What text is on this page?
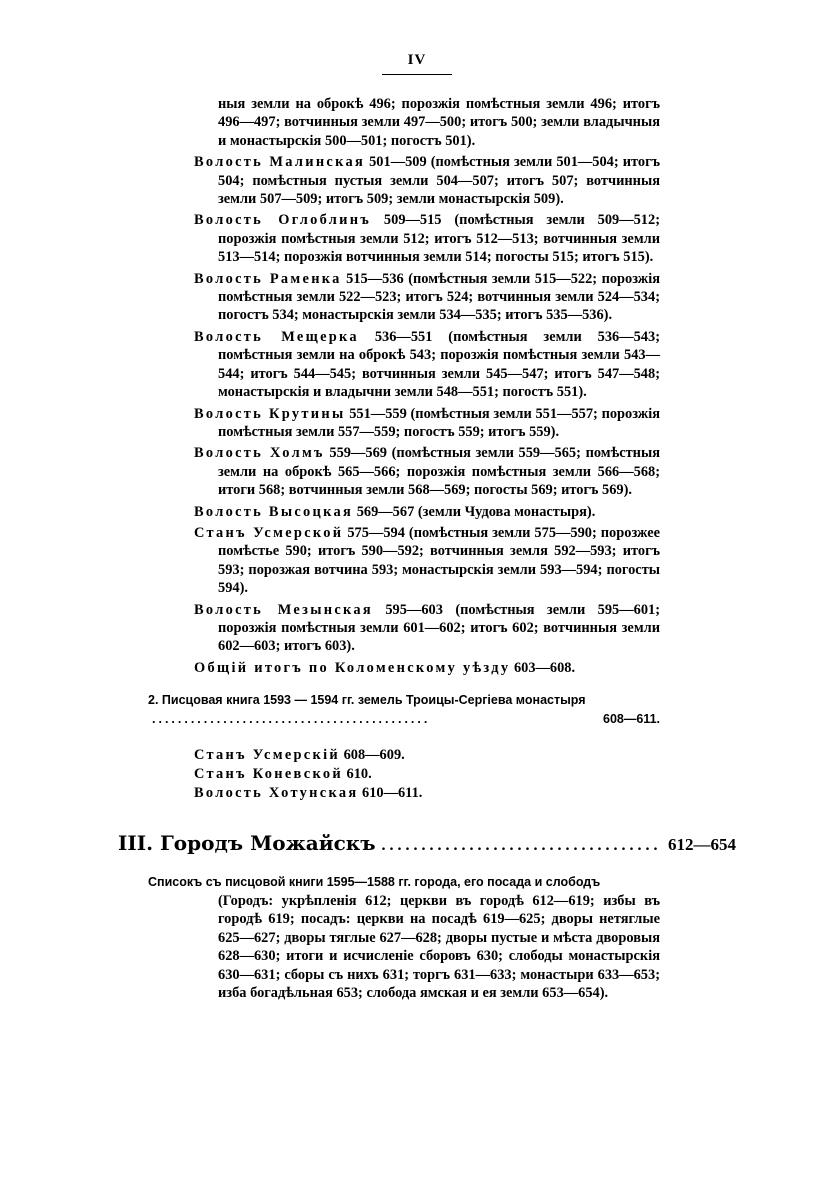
IV
ныя земли на оброкѣ 496; порозжія помѣстныя земли 496; итогъ 496—497; вотчинныя земли 497—500; итогъ 500; земли владычныя и монастырскія 500—501; погостъ 501).
Волость Малинская 501—509 (помѣстныя земли 501—504; итогъ 504; помѣстныя пустыя земли 504—507; итогъ 507; вотчинныя земли 507—509; итогъ 509; земли монастырскія 509).
Волость Оглоблинъ 509—515 (помѣстныя земли 509—512; порозжія помѣстныя земли 512; итогъ 512—513; вотчинныя земли 513—514; порозжія вотчинныя земли 514; погосты 515; итогъ 515).
Волость Раменка 515—536 (помѣстныя земли 515—522; порозжія помѣстныя земли 522—523; итогъ 524; вотчинныя земли 524—534; погостъ 534; монастырскія земли 534—535; итогъ 535—536).
Волость Мещерка 536—551 (помѣстныя земли 536—543; помѣстныя земли на оброкѣ 543; порозжія помѣстныя земли 543—544; итогъ 544—545; вотчинныя земли 545—547; итогъ 547—548; монастырскія и владычни земли 548—551; погостъ 551).
Волость Крутины 551—559 (помѣстныя земли 551—557; порозжія помѣстныя земли 557—559; погостъ 559; итогъ 559).
Волость Холмъ 559—569 (помѣстныя земли 559—565; помѣстныя земли на оброкѣ 565—566; порозжія помѣстныя земли 566—568; итоги 568; вотчинныя земли 568—569; погосты 569; итогъ 569).
Волость Высоцкая 569—567 (земли Чудова монастыря).
Станъ Усмерской 575—594 (помѣстныя земли 575—590; порозжее помѣстье 590; итогъ 590—592; вотчинныя земля 592—593; итогъ 593; порозжая вотчина 593; монастырскія земли 593—594; погосты 594).
Волость Мезынская 595—603 (помѣстныя земли 595—601; порозжія помѣстныя земли 601—602; итогъ 602; вотчинныя земли 602—603; итогъ 603).
Общій итогъ по Коломенскому уѣзду 603—608.
2. Писцовая книга 1593 — 1594 гг. земель Троицы-Сергіева монастыря
...........................................	608—611.
Станъ Усмерскій 608—609.
Станъ Коневской 610.
Волость Хотунская 610—611.
III. Городъ Можайскъ ................................... 612—654
Списокъ съ писцовой книги 1595—1588 гг. города, его посада и слободъ
(Городъ: укрѣпленія 612; церкви въ городѣ 612—619; избы въ городѣ 619; посадъ: церкви на посадѣ 619—625; дворы нетяглые 625—627; дворы тяглые 627—628; дворы пустые и мѣста дворовыя 628—630; итоги и исчисленіе сборовъ 630; слободы монастырскія 630—631; сборы съ нихъ 631; торгъ 631—633; монастыри 633—653; изба богадѣльная 653; слобода ямская и ея земли 653—654).
